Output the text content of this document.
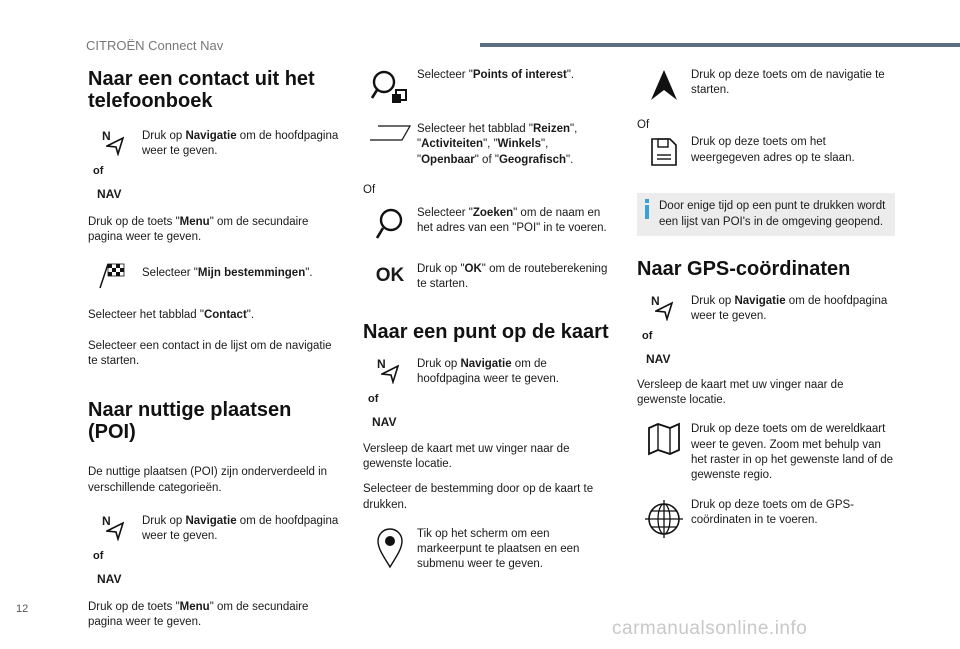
CITROËN Connect Nav
Naar een contact uit het telefoonboek
N
of
NAV

Druk op Navigatie om de hoofdpagina weer te geven.

Druk op de toets "Menu" om de secundaire pagina weer te geven.

Selecteer "Mijn bestemmingen".

Selecteer het tabblad "Contact".

Selecteer een contact in de lijst om de navigatie te starten.

Naar nuttige plaatsen (POI)

De nuttige plaatsen (POI) zijn onderverdeeld in verschillende categorieën.

N
of
NAV

Druk op Navigatie om de hoofdpagina weer te geven.

Druk op de toets "Menu" om de secundaire pagina weer te geven.

Selecteer "Points of interest".

Selecteer het tabblad "Reizen", "Activiteiten", "Winkels", "Openbaar" of "Geografisch".

Of

Selecteer "Zoeken" om de naam en het adres van een "POI" in te voeren.

OK Druk op "OK" om de routeberekening te starten.

Naar een punt op de kaart
N
of
NAV

Druk op Navigatie om de hoofdpagina weer te geven.

Versleep de kaart met uw vinger naar de gewenste locatie.

Selecteer de bestemming door op de kaart te drukken.

Tik op het scherm om een markeerpunt te plaatsen en een submenu weer te geven.

Druk op deze toets om de navigatie te starten.

Of

Druk op deze toets om het weergegeven adres op te slaan.

Door enige tijd op een punt te drukken wordt een lijst van POI's in de omgeving geopend.

Naar GPS-coördinaten
N
of
NAV

Druk op Navigatie om de hoofdpagina weer te geven.

Versleep de kaart met uw vinger naar de gewenste locatie.

Druk op deze toets om de wereldkaart weer te geven. Zoom met behulp van het raster in op het gewenste land of de gewenste regio.

Druk op deze toets om de GPS-coördinaten in te voeren.

12
carmanualsonline.info
